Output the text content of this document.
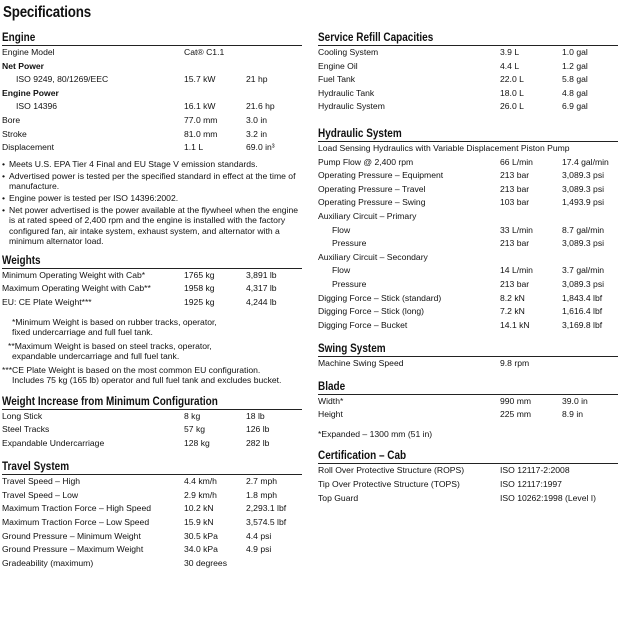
Specifications
Engine
Engine Model	Cat® C1.1
Net Power
ISO 9249, 80/1269/EEC	15.7 kW	21 hp
Engine Power
ISO 14396	16.1 kW	21.6 hp
Bore	77.0 mm	3.0 in
Stroke	81.0 mm	3.2 in
Displacement	1.1 L	69.0 in³
• Meets U.S. EPA Tier 4 Final and EU Stage V emission standards.
• Advertised power is tested per the specified standard in effect at the time of manufacture.
• Engine power is tested per ISO 14396:2002.
• Net power advertised is the power available at the flywheel when the engine is at rated speed of 2,400 rpm and the engine is installed with the factory configured fan, air intake system, exhaust system, and alternator with a minimum alternator load.
Weights
Minimum Operating Weight with Cab*	1765 kg	3,891 lb
Maximum Operating Weight with Cab**	1958 kg	4,317 lb
EU: CE Plate Weight***	1925 kg	4,244 lb
*Minimum Weight is based on rubber tracks, operator,
fixed undercarriage and full fuel tank.
**Maximum Weight is based on steel tracks, operator,
expandable undercarriage and full fuel tank.
***CE Plate Weight is based on the most common EU configuration.
Includes 75 kg (165 lb) operator and full fuel tank and excludes bucket.
Weight Increase from Minimum Configuration
Long Stick	8 kg	18 lb
Steel Tracks	57 kg	126 lb
Expandable Undercarriage	128 kg	282 lb
Travel System
Travel Speed – High	4.4 km/h	2.7 mph
Travel Speed – Low	2.9 km/h	1.8 mph
Maximum Traction Force – High Speed	10.2 kN	2,293.1 lbf
Maximum Traction Force – Low Speed	15.9 kN	3,574.5 lbf
Ground Pressure – Minimum Weight	30.5 kPa	4.4 psi
Ground Pressure – Maximum Weight	34.0 kPa	4.9 psi
Gradeability (maximum)	30 degrees
Service Refill Capacities
Cooling System	3.9 L	1.0 gal
Engine Oil	4.4 L	1.2 gal
Fuel Tank	22.0 L	5.8 gal
Hydraulic Tank	18.0 L	4.8 gal
Hydraulic System	26.0 L	6.9 gal
Hydraulic System
Load Sensing Hydraulics with Variable Displacement Piston Pump
Pump Flow @ 2,400 rpm	66 L/min	17.4 gal/min
Operating Pressure – Equipment	213 bar	3,089.3 psi
Operating Pressure – Travel	213 bar	3,089.3 psi
Operating Pressure – Swing	103 bar	1,493.9 psi
Auxiliary Circuit – Primary
Flow	33 L/min	8.7 gal/min
Pressure	213 bar	3,089.3 psi
Auxiliary Circuit – Secondary
Flow	14 L/min	3.7 gal/min
Pressure	213 bar	3,089.3 psi
Digging Force – Stick (standard)	8.2 kN	1,843.4 lbf
Digging Force – Stick (long)	7.2 kN	1,616.4 lbf
Digging Force – Bucket	14.1 kN	3,169.8 lbf
Swing System
Machine Swing Speed	9.8 rpm
Blade
Width*	990 mm	39.0 in
Height	225 mm	8.9 in
*Expanded – 1300 mm (51 in)
Certification – Cab
Roll Over Protective Structure (ROPS)	ISO 12117-2:2008
Tip Over Protective Structure (TOPS)	ISO 12117:1997
Top Guard	ISO 10262:1998 (Level I)
